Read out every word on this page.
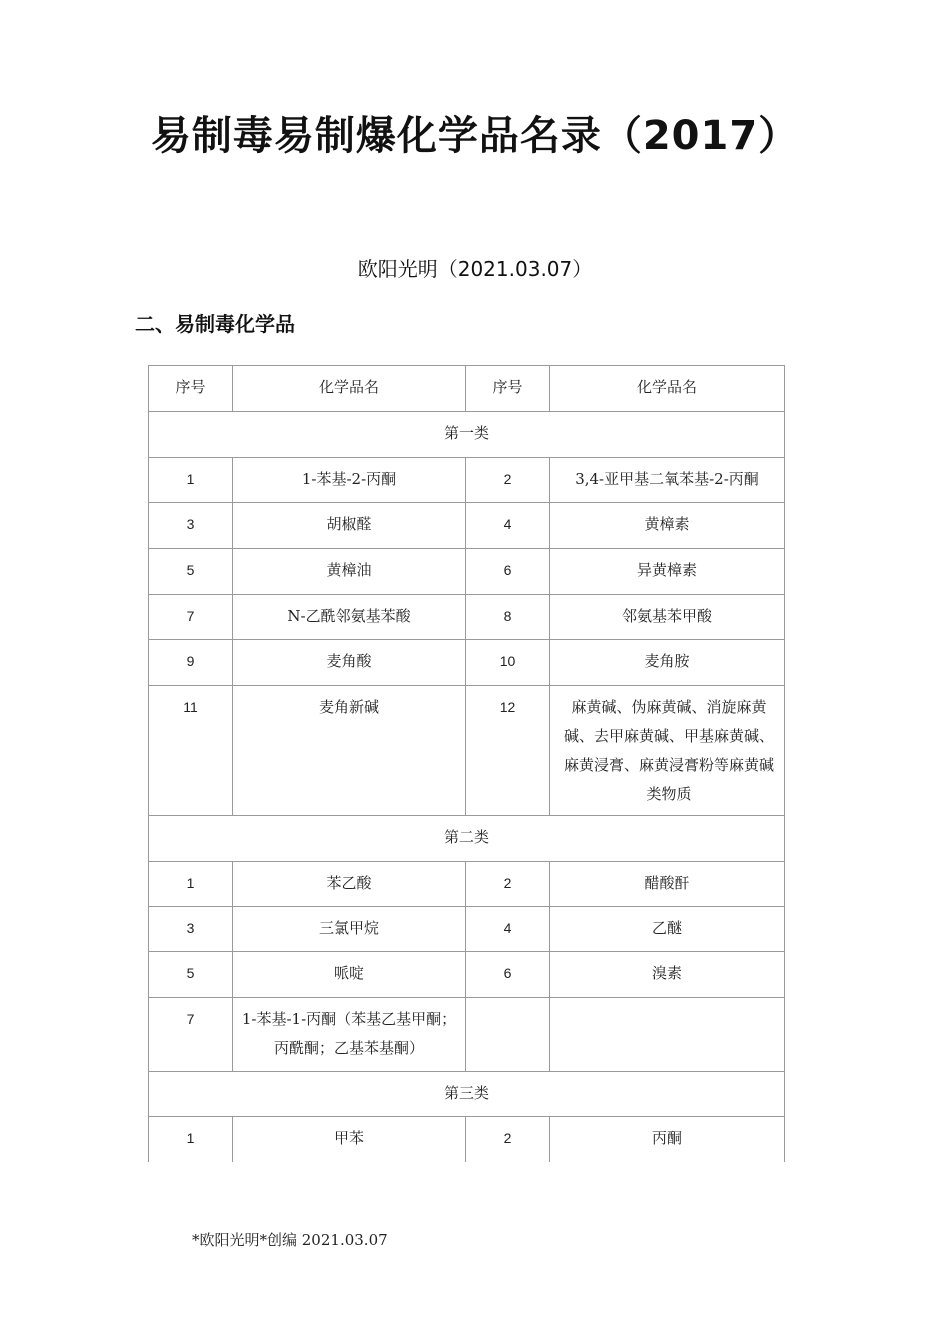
易制毒易制爆化学品名录（2017）
欧阳光明（2021.03.07）
二、易制毒化学品
序号	化学品名	序号	化学品名
第一类			
1	1-苯基-2-丙酮	2	3,4-亚甲基二氧苯基-2-丙酮
3	胡椒醛	4	黄樟素
5	黄樟油	6	异黄樟素
7	N-乙酰邻氨基苯酸	8	邻氨基苯甲酸
9	麦角酸	10	麦角胺
11	麦角新碱	12	麻黄碱、伪麻黄碱、消旋麻黄碱、去甲麻黄碱、甲基麻黄碱、麻黄浸膏、麻黄浸膏粉等麻黄碱类物质
第二类			
1	苯乙酸	2	醋酸酐
3	三氯甲烷	4	乙醚
5	哌啶	6	溴素
7	1-苯基-1-丙酮（苯基乙基甲酮；丙酰酮；乙基苯基酮）		
第三类			
1	甲苯	2	丙酮
*欧阳光明*创编 2021.03.07
